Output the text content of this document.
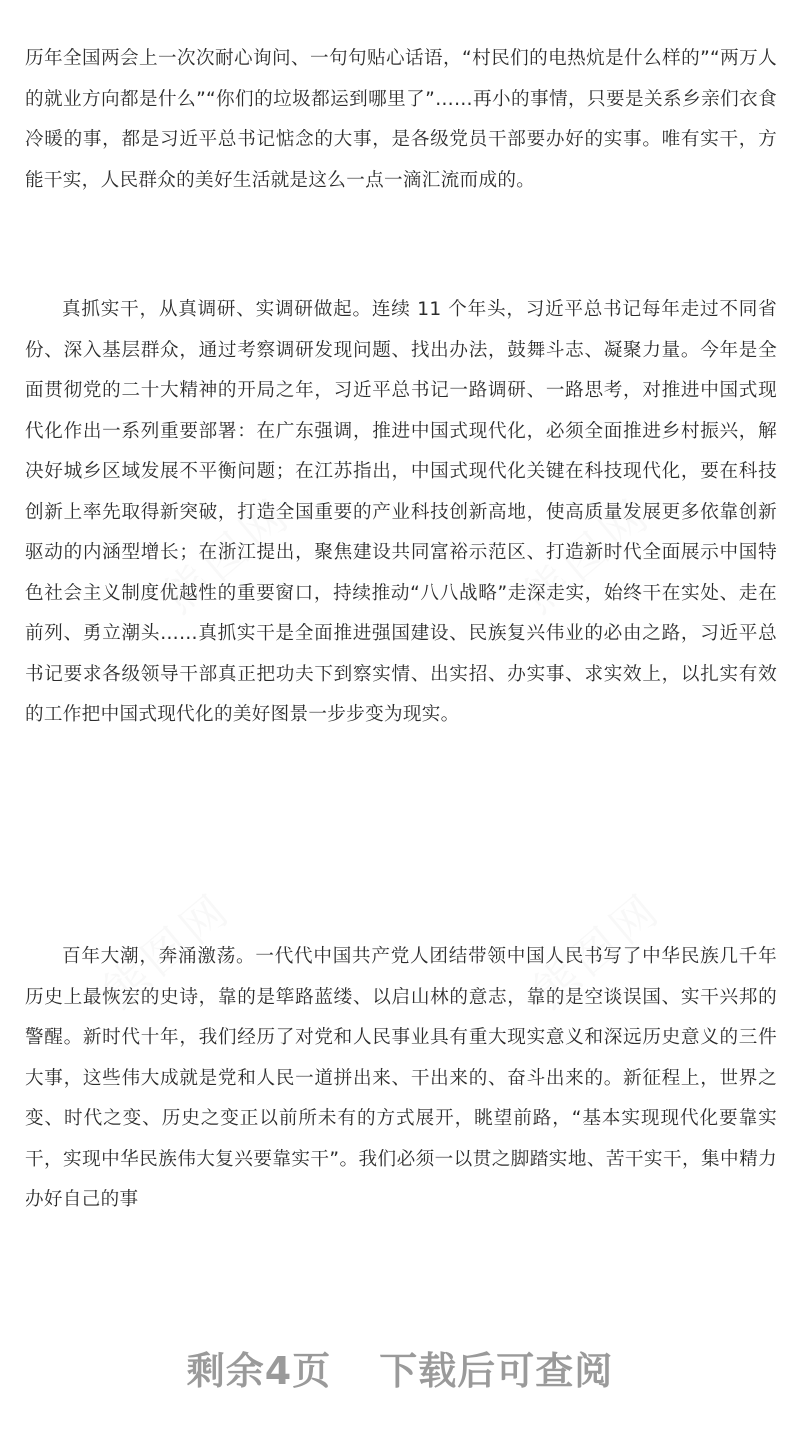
历年全国两会上一次次耐心询问、一句句贴心话语，“村民们的电热炕是什么样的”“两万人的就业方向都是什么”“你们的垃圾都运到哪里了”……再小的事情，只要是关系乡亲们衣食冷暖的事，都是习近平总书记惦念的大事，是各级党员干部要办好的实事。唯有实干，方能干实，人民群众的美好生活就是这么一点一滴汇流而成的。

真抓实干，从真调研、实调研做起。连续 11 个年头，习近平总书记每年走过不同省份、深入基层群众，通过考察调研发现问题、找出办法，鼓舞斗志、凝聚力量。今年是全面贯彻党的二十大精神的开局之年，习近平总书记一路调研、一路思考，对推进中国式现代化作出一系列重要部署：在广东强调，推进中国式现代化，必须全面推进乡村振兴，解决好城乡区域发展不平衡问题；在江苏指出，中国式现代化关键在科技现代化，要在科技创新上率先取得新突破，打造全国重要的产业科技创新高地，使高质量发展更多依靠创新驱动的内涵型增长；在浙江提出，聚焦建设共同富裕示范区、打造新时代全面展示中国特色社会主义制度优越性的重要窗口，持续推动“八八战略”走深走实，始终干在实处、走在前列、勇立潮头……真抓实干是全面推进强国建设、民族复兴伟业的必由之路，习近平总书记要求各级领导干部真正把功夫下到察实情、出实招、办实事、求实效上，以扎实有效的工作把中国式现代化的美好图景一步步变为现实。

百年大潮，奔涌激荡。一代代中国共产党人团结带领中国人民书写了中华民族几千年历史上最恢宏的史诗，靠的是筚路蓝缕、以启山林的意志，靠的是空谈误国、实干兴邦的警醒。新时代十年，我们经历了对党和人民事业具有重大现实意义和深远历史意义的三件大事，这些伟大成就是党和人民一道拼出来、干出来的、奋斗出来的。新征程上，世界之变、时代之变、历史之变正以前所未有的方式展开，眺望前路，“基本实现现代化要靠实干，实现中华民族伟大复兴要靠实干”。我们必须一以贯之脚踏实地、苦干实干，集中精力办好自己的事

熊图网	熊图网
熊图网	熊图网
剩余4页 下载后可查阅
